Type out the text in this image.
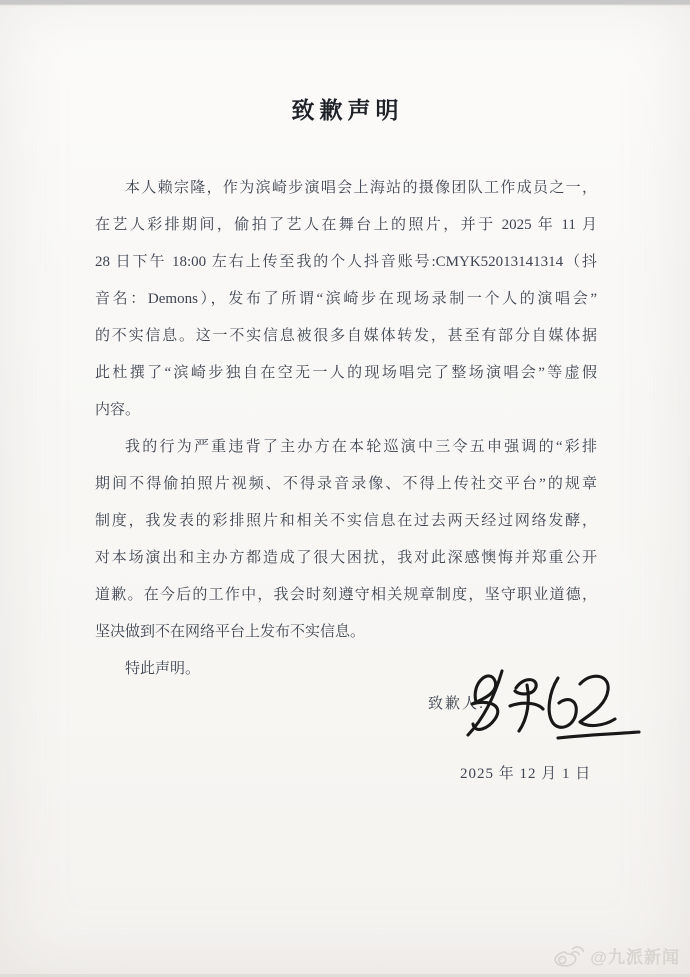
致歉声明
本人赖宗隆，作为滨崎步演唱会上海站的摄像团队工作成员之一，
在艺人彩排期间，偷拍了艺人在舞台上的照片，并于 2025 年 11 月
28 日下午 18:00 左右上传至我的个人抖音账号:CMYK52013141314（抖
音名：Demons），发布了所谓“滨崎步在现场录制一个人的演唱会”
的不实信息。这一不实信息被很多自媒体转发，甚至有部分自媒体据
此杜撰了“滨崎步独自在空无一人的现场唱完了整场演唱会”等虚假
内容。
我的行为严重违背了主办方在本轮巡演中三令五申强调的“彩排
期间不得偷拍照片视频、不得录音录像、不得上传社交平台”的规章
制度，我发表的彩排照片和相关不实信息在过去两天经过网络发酵，
对本场演出和主办方都造成了很大困扰，我对此深感懊悔并郑重公开
道歉。在今后的工作中，我会时刻遵守相关规章制度，坚守职业道德，
坚决做到不在网络平台上发布不实信息。
特此声明。
致歉人:
2025 年 12 月 1 日
@九派新闻
